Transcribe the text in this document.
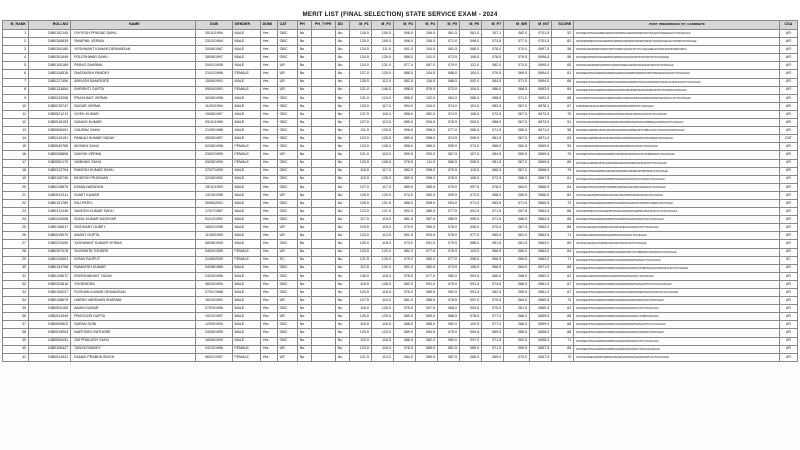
MERIT LIST (FINAL SELECTION) STATE SERVICE EXAM - 2024
M_RANK	ROLLNO	NAME	DOB	GENDER	DOMI	CAT	PH	PH_TYPE	DD	M_P1	M_P2	M_P3	M_P4	M_P5	M_P6	M_P7	M_WR	M_INT	SCORE	POST_PREFERENCE_BY_CANDIDATE	CSA
1	24B0152145	DIVYESH PRASAD SAHU	20/11/1994	MALE	Yes	OBC	No		No	126.5	109.5	098.0	106.5	081.5	081.5	107.1	082.0	0701.5	52	DC/DEO/FSO/ASRD/ADWO/ADPRO/ADWO/DSP/WT/SASO/CIPO/EGI/CTI/COI/AAI/	UR
2	24B0306839	SWAPNIL VERMA	23/12/1994	MALE	Yes	OBC	No		No	125.0	109.5	096.0	108.5	071.0	098.0	073.5	077.5	0701.5	62	DC/DSP/DEO/FSO/ADWO/ADPRO/ADWO/ADSP/SN/NT/SASO/CEU/CT/CDPO/COI/AAI/	UR
3	24B0304180	YESHWANT KUMAR DEWANGAN	20/06/1987	MALE	Yes	OBC	No		No	124.5	111.5	091.0	104.5	081.5	088.0	078.0	070.0	0697.5	56	DC/FSO/ADPRO/ADWO/WT/CDPO/SASO/CT/COI/AAI/EGI/ADSO/NT/DSP/CIPO/	UR
4	24B0301649	POLESHWAR SAHU	28/08/1997	MALE	Yes	OBC	No		No	124.5	129.0	088.0	101.0	073.5	106.5	078.0	079.5	0696.5	59	DC/DEO/DSP/FSO/ADWO/ADPRO/SASO/WT/NT/CIPO/CT/COI/AAI/	UR
5	24B0105189	PARAS SHARMA	29/01/1995	MALE	Yes	UR	No		No	124.0	131.0	077.0	087.0	079.0	122.0	082.0	073.5	0695.0	65	DC/FSO/ADPRO/ADPRO/ADWO/DEO/ADWO/SASO/CIPO/CT/COI/AAI/	UR
6	24B0116516	SHATAKSHI PANDEY	21/01/1998	FEMALE	Yes	UR	No		No	127.0	125.0	088.5	104.5	086.0	104.0	079.5	069.5	0694.0	61	DC/DEO/FSO/ADWO/ADMO/ADWO/ADPRO/DSP/CIPO/SN/SASO/CIU/CT/COI/AAI/	UR
7	24B0227456	ANKUSH BANERJEE	15/09/1991	MALE	Yes	UR	No		No	128.5	112.0	082.5	116.5	088.5	092.0	084.5	071.5	0694.0	66	DC/DEO/FSO/ADWO/ADPRO/ADWO/ADPRO/SASO/DSP/NT/SASO/CIPO/CIU/CT/COI/AAI/	UR
8	24B0131654	SHRISHTI GUPTA	09/04/1991	FEMALE	Yes	UR	No		No	121.0	146.0	098.5	076.5	073.0	104.0	086.0	068.5	0693.5	64	DC/DEO/FSO/ADWO/ADWO/ADWO/ADPRO/SASO/CIPO/NT/CT/CDPO/COI/AAI/	UR
9	24B0243298	PRASHANT VERMA	30/06/1998	MALE	Yes	OBC	No		No	131.0	124.0	088.5	102.0	084.0	088.5	088.5	071.0	0692.5	68	DC/DSP/FSO/ADWO/ADWO/ADFO/SN/ADPRO/ADWO/DSP/SASO/CIU/CT/COI/AAI/	UR
10	24B0215747	SAGAR VERMA	11/02/1994	MALE	Yes	OBC	No		No	133.0	117.0	094.0	104.0	074.0	101.0	082.5	067.0	0678.1	67	DSP/DEO/FSO/ADWO/ADWO/ADPRO/DSP/CT/COI/AAI/	UR
11	24B0521213	VIVEK KUMAR	15/06/1997	MALE	Yes	OBC	No		No	137.5	116.0	088.0	082.5	074.5	108.5	072.5	067.5	0673.5	70	DC/DEO/FSO/ADWO/ADWO/ADWO/SN/CDPO/SASO/CT/COI/AAI/	UR
12	24B0518153	SANJAY KUMAR	29/11/1989	MALE	Yes	OBC	No		No	127.0	113.5	085.0	094.5	078.5	093.0	088.0	067.5	0673.0	51	DC/FSO/ADPRO/ADWO/ADWO/ADPRO/SN/SASO/SB/EGI/CDPO/CT/COI/AAI/	UR
13	24B0508491	GAURAV SAHU	21/09/1988	MALE	Yes	OBC	No		No	111.5	139.5	096.5	098.5	077.0	086.5	071.5	065.0	0671.0	58	DC/DEO/ADPRO/FSO/ADWO/ADWO/ADPRO/NT/SB/COI/CT/SASO/CDPO/AAI/	UR
14	24B0119151	PANKAJ KUMAR YADAV	26/05/1997	MALE	Yes	OBC	No		No	122.0	125.5	089.0	098.0	074.5	099.5	061.5	067.5	0671.0	63	DC/DEO/ADPRO/FSO/DSP/ADFO/ADWO/SASO/CIPO/SN/CT/COI/AAI/	CAT
15	24B0549785	MONIKA SAHU	02/08/1998	FEMALE	Yes	OBC	No		No	123.0	108.0	088.0	086.5	095.5	074.0	066.5	060.5	0669.0	55	DC/DSP/ADPRO/ADWO/ADWO/ADPRO/SASO/CT/COI/AAI/	UR
16	24B0308808	SAKSHI VERMA	23/02/1999	FEMALE	Yes	UR	No		No	121.0	115.0	095.5	093.0	067.5	107.0	084.5	069.5	0669.5	70	DC/DEO/FSO/ADWO/ADPRO/DSP/ADWO/CIU/NT/ADDWO/CT/COI/AAI/	UR
17	24B0502170	VAIBHAVI SAHU	09/08/1999	FEMALE	Yes	OBC	No		No	129.5	108.5	078.5	111.5	066.5	098.5	081.5	067.0	0669.5	60	DC/DEO/ADPRO/FSO/ADPRO/ADWO/DSP/SASO/NT/CT/COI/AAI/	UR
18	24B0312794	RAKESH KUMAR SAHU	27/07/1993	MALE	Yes	OBC	No		No	118.5	117.0	082.0	098.0	079.5	115.5	065.5	067.0	0668.0	79	DC/DEO/FSO/ADPRO/ADWO/ADPRO/ADWO/DSP/SN/CT/COI/AAI/	UR
19	24B0126736	MUKESH PRADHAN	22/06/1992	MALE	Yes	OBC	No		No	115.5	128.0	085.5	098.0	078.0	108.5	072.5	068.5	0667.5	61	DC/DEO/FSO/ADWO/ADPRO/ADWO/SASO/CIU/SN/CT/COI/AAI/	UR
20	24B0218875	KAMALNARAYAN	15/11/1993	MALE	Yes	OBC	No		No	127.0	117.0	089.0	085.5	079.0	097.5	078.0	064.5	0666.5	64	DC/DEO/FSO/FSO/NT/ADPRO/ADWO/ADWO/SASO/CT/COI/AAI/	UR
21	24B0512311	SUMIT KUMAR	13/10/1998	MALE	Yes	UR	No		No	128.5	129.0	074.0	083.5	095.5	073.5	068.0	065.5	0666.5	62	DC/FSO/ADPRO/ADWO/ADWO/ADPRO/SN/SASO/CT/COI/AAI/	UR
22	24B0101789	RAJ PATEL	30/06/2001	MALE	Yes	OBC	No		No	128.5	101.5	086.0	098.0	094.0	071.0	083.5	071.5	0665.5	72	DC/DEO/FSO/ADWO/ADPRO/ADWO/SASO/NT/CDPO/SB/COI/CT/AAI/	UR
23	24B0312448	NAVEEN KUMAR SAHU	17/07/1987	MALE	Yes	OBC	No		No	123.5	121.5	092.0	086.5	077.5	091.5	071.5	067.8	0664.5	66	DC/DSP/DEO/FSO/ADPRO/ADFO/ADWO/ADPRO/SASO/CT/CIU/COI/AAI/	UR
24	24B0110006	SUNIL KUMAR KASHYAP	01/12/1992	MALE	Yes	OBC	No		No	117.5	119.5	081.5	087.5	089.5	095.5	071.5	066.5	0664.5	66	DC/DEO/FSO/ADWO/ADPRO/ADWO/SASO/SN/NT/CT/COI/AAI/	UR
25	24B0136617	SIDDHANT DUBEY	18/02/1998	MALE	Yes	UR	No		No	129.5	115.0	079.0	096.5	078.0	098.0	075.0	067.5	0664.0	68	DC/FSO/ADWO/ADPRO/ADWO/DEO/SASO/NT/CT/COI/AAI/	UR
26	24B0519070	ANANT GUPTA	11/05/1990	MALE	Yes	UR	No		No	133.0	113.5	091.5	093.5	078.0	077.0	085.0	061.0	0663.5	71	DC/DEO/ADWO/ADWO/ADPRO/SASO/CT/COI/AAI/	UR
27	24B0223455	YASHWANT KUMAR VERMA	08/08/1993	MALE	Yes	OBC	No		No	130.0	118.0	073.0	091.5	079.5	088.0	081.5	061.5	0663.0	69	DC/FSO/ADWO/ADPRO/ADWO/SASO/CT/COI/AAI/	UR
28	24B0307076	SUSHMITA TONDRE	04/09/1999	FEMALE	Yes	UR	No		No	120.5	122.0	082.0	077.5	076.5	103.5	066.5	060.0	0663.0	64	DC/DEO/FSO/ADWO/ADPRO/ADWO/NT/CT/SB/CIPO/SASO/CT/COI/AAI/	UR
29	24B0110651	KIRAN RAJPUT	21/08/2000	FEMALE	Yes	SC	No		No	121.5	125.0	079.0	083.0	077.0	098.5	068.5	069.5	0663.0	71	DC/DEO/FSO/ADWO/ADPRO/ADWO/DSP/SASO/CT/COI/AAI/	SC
30	24B0134768	RAMKESH KUMAR	04/08/1989	MALE	Yes	OBC	No		No	112.5	132.0	091.0	082.5	073.5	108.5	068.5	064.5	0671.0	69	DC/DEO/FSO/ADWO/ADPRO/ADWO/SASO/NT/SB/SASO/CDPO/CIU/CT/COI/AAI/	UR
31	24B0128672	KRISHNAKANT YADAV	24/04/1996	MALE	Yes	OBC	No		No	136.0	118.0	076.5	077.0	080.0	094.5	066.0	068.0	0662.0	62	DC/DEO/ADWO/ADPRO/ADWO/FSO/SASO/CT/COI/AAI/	UR
32	24B0203816	YOGENDRA	06/03/1994	MALE	Yes	OBC	No		No	118.5	126.0	082.0	091.0	075.0	091.5	074.5	066.5	0661.5	67	DC/DEO/FSO/ADWO/ADPRO/ADWO/DSP/SASO/NT/CT/CIU/COI/AAI/	UR
33	24B0105227	ROSHAN KUMAR DEWANGAN	27/01/1988	MALE	Yes	OBC	No		No	120.5	118.5	076.0	085.5	082.5	091.5	082.5	065.5	0661.0	67	DC/DEO/FSO/ADWO/ADPRO/ADWO/ADFO/DSP/SASO/CIPO/CT/COI/AAI/	UR
34	24B0108679	HARSH VARDHAN SHARMA	16/10/1991	MALE	Yes	UR	No		No	127.5	114.0	081.0	088.5	078.5	097.0	070.5	064.0	0660.5	72	DC/DEO/FSO/ADWO/ADPRO/ADWO/SASO/SN/NT/CT/COI/AAI/	UR
35	24B0500185	AMAN KUMAR	07/03/1996	MALE	Yes	OBC	No		No	116.0	125.0	075.5	097.5	068.0	093.5	075.5	061.5	0660.5	62	DC/DEO/FSO/ADWO/ADPRO/ADWO/SASO/NT/CT/COI/AAI/	UR
36	24B0311549	PRASOON GUPTA	19/12/1997	MALE	Yes	UR	No		No	126.0	120.0	080.5	069.0	088.5	078.5	077.0	066.0	0659.5	66	DC/DEO/FSO/ADWO/ADPRO/ADWO/SASO/CT/SB/COI/AAI/	UR
37	24B0509822	SARAN SONI	12/05/1994	MALE	Yes	OBC	No		No	116.5	116.5	088.5	088.0	082.0	100.5	077.0	066.5	0659.0	66	DC/DEO/FSO/ADWO/ADPRO/ADWO/DSP/SASO/NT/CT/COI/AAI/	UR
38	24B0515953	NARTIDEV RATHORE	24/05/1999	MALE	Yes	OBC	No		No	125.5	123.0	069.0	084.5	075.0	094.5	069.5	065.5	0658.5	68	DC/DEO/FSO/ADWO/ADPRO/ADWO/SASO/NT/SN/CT/COI/AAI/	UR
39	24B0509491	OM PRAKASH SAHU	18/06/1990	MALE	Yes	OBC	No		No	119.0	118.5	086.5	082.0	080.0	097.0	071.5	062.5	0658.0	71	DC/DEO/FSO/ADWO/ADPRO/ADWO/SASO/NT/CT/COI/AAI/	UR
40	24B0108427	TANYA PANDEY	24/12/1996	FEMALE	Yes	UR	No		No	123.0	118.0	076.5	089.5	081.5	089.0	071.0	059.5	0657.5	65	DC/DEO/FSO/ADWO/ADPRO/ADWO/SASO/CT/CIU/COI/AAI/	UR
41	24B0514931	KANAK PRABHA SINGH	06/01/1997	FEMALE	Yes	UR	No		No	121.5	113.0	084.5	089.5	087.5	086.5	069.0	070.0	0657.0	70	DC/FSO/DEO/DSP/ADPRO/ADWO/ADWO/SASO/CIPO/CT/COI/AAI/	UR
